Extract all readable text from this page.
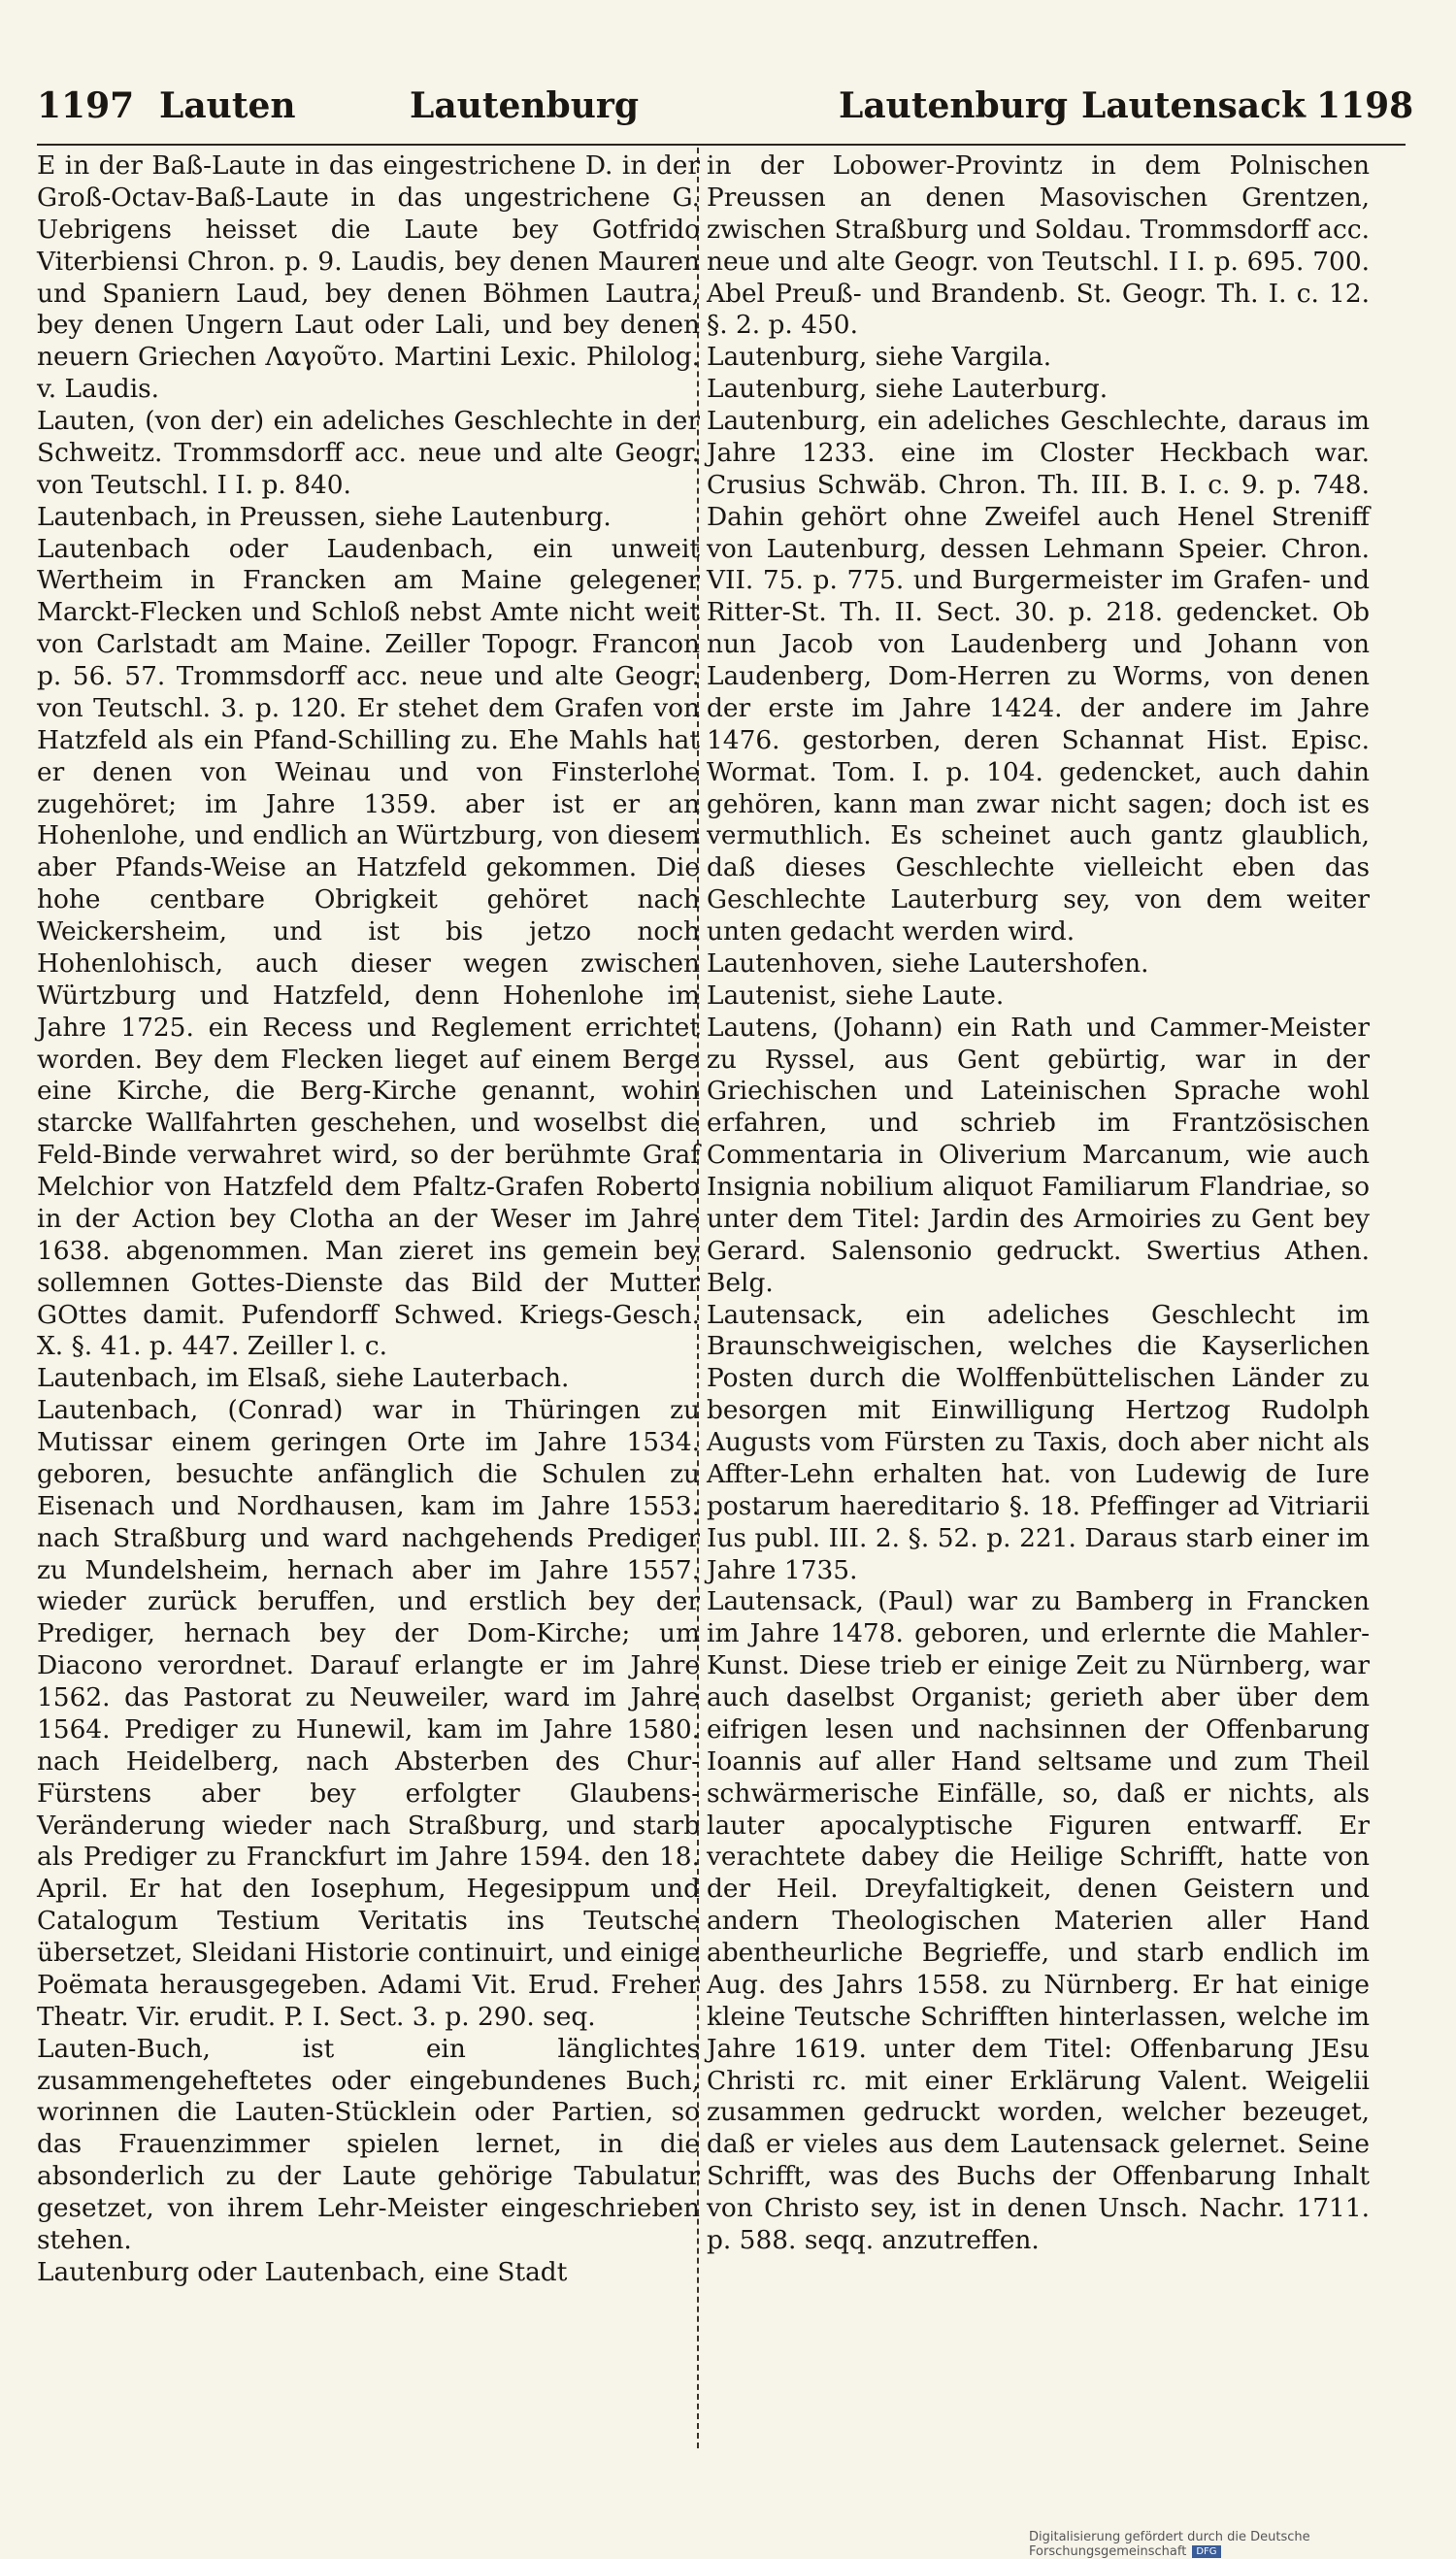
1197 Lauten	Lautenburg	Lautenburg Lautensack 1198

E in der Baß-Laute in das eingestrichene D. in der Groß-Octav-Baß-Laute in das ungestrichene G. Uebrigens heisset die Laute bey Gotfrido Viterbiensi Chron. p. 9. Laudis, bey denen Mauren und Spaniern Laud, bey denen Böhmen Lautra, bey denen Ungern Laut oder Lali, und bey denen neuern Griechen Λαγοῦτο. Martini Lexic. Philolog. v. Laudis.

Lauten, (von der) ein adeliches Geschlechte in der Schweitz. Trommsdorff acc. neue und alte Geogr. von Teutschl. I I. p. 840.

Lautenbach, in Preussen, siehe Lautenburg.

Lautenbach oder Laudenbach, ein unweit Wertheim in Francken am Maine gelegener Marckt-Flecken und Schloß nebst Amte nicht weit von Carlstadt am Maine. Zeiller Topogr. Francon p. 56. 57. Trommsdorff acc. neue und alte Geogr. von Teutschl. 3. p. 120. Er stehet dem Grafen von Hatzfeld als ein Pfand-Schilling zu. Ehe Mahls hat er denen von Weinau und von Finsterlohe zugehöret; im Jahre 1359. aber ist er an Hohenlohe, und endlich an Würtzburg, von diesem aber Pfands-Weise an Hatzfeld gekommen. Die hohe centbare Obrigkeit gehöret nach Weickersheim, und ist bis jetzo noch Hohenlohisch, auch dieser wegen zwischen Würtzburg und Hatzfeld, denn Hohenlohe im Jahre 1725. ein Recess und Reglement errichtet worden. Bey dem Flecken lieget auf einem Berge eine Kirche, die Berg-Kirche genannt, wohin starcke Wallfahrten geschehen, und woselbst die Feld-Binde verwahret wird, so der berühmte Graf Melchior von Hatzfeld dem Pfaltz-Grafen Roberto in der Action bey Clotha an der Weser im Jahre 1638. abgenommen. Man zieret ins gemein bey sollemnen Gottes-Dienste das Bild der Mutter GOttes damit. Pufendorff Schwed. Kriegs-Gesch. X. §. 41. p. 447. Zeiller l. c.

Lautenbach, im Elsaß, siehe Lauterbach.

Lautenbach, (Conrad) war in Thüringen zu Mutissar einem geringen Orte im Jahre 1534. geboren, besuchte anfänglich die Schulen zu Eisenach und Nordhausen, kam im Jahre 1553. nach Straßburg und ward nachgehends Prediger zu Mundelsheim, hernach aber im Jahre 1557. wieder zurück beruffen, und erstlich bey der Prediger, hernach bey der Dom-Kirche; um Diacono verordnet. Darauf erlangte er im Jahre 1562. das Pastorat zu Neuweiler, ward im Jahre 1564. Prediger zu Hunewil, kam im Jahre 1580. nach Heidelberg, nach Absterben des Chur-Fürstens aber bey erfolgter Glaubens-Veränderung wieder nach Straßburg, und starb als Prediger zu Franckfurt im Jahre 1594. den 18. April. Er hat den Iosephum, Hegesippum und Catalogum Testium Veritatis ins Teutsche übersetzet, Sleidani Historie continuirt, und einige Poëmata herausgegeben. Adami Vit. Erud. Freher Theatr. Vir. erudit. P. I. Sect. 3. p. 290. seq.

Lauten-Buch, ist ein länglichtes zusammengeheftetes oder eingebundenes Buch, worinnen die Lauten-Stücklein oder Partien, so das Frauenzimmer spielen lernet, in die absonderlich zu der Laute gehörige Tabulatur gesetzet, von ihrem Lehr-Meister eingeschrieben stehen.

Lautenburg oder Lautenbach, eine Stadt

in der Lobower-Provintz in dem Polnischen Preussen an denen Masovischen Grentzen, zwischen Straßburg und Soldau. Trommsdorff acc. neue und alte Geogr. von Teutschl. I I. p. 695. 700. Abel Preuß- und Brandenb. St. Geogr. Th. I. c. 12. §. 2. p. 450.

Lautenburg, siehe Vargila.

Lautenburg, siehe Lauterburg.

Lautenburg, ein adeliches Geschlechte, daraus im Jahre 1233. eine im Closter Heckbach war. Crusius Schwäb. Chron. Th. III. B. I. c. 9. p. 748. Dahin gehört ohne Zweifel auch Henel Streniff von Lautenburg, dessen Lehmann Speier. Chron. VII. 75. p. 775. und Burgermeister im Grafen- und Ritter-St. Th. II. Sect. 30. p. 218. gedencket. Ob nun Jacob von Laudenberg und Johann von Laudenberg, Dom-Herren zu Worms, von denen der erste im Jahre 1424. der andere im Jahre 1476. gestorben, deren Schannat Hist. Episc. Wormat. Tom. I. p. 104. gedencket, auch dahin gehören, kann man zwar nicht sagen; doch ist es vermuthlich. Es scheinet auch gantz glaublich, daß dieses Geschlechte vielleicht eben das Geschlechte Lauterburg sey, von dem weiter unten gedacht werden wird.

Lautenhoven, siehe Lautershofen.

Lautenist, siehe Laute.

Lautens, (Johann) ein Rath und Cammer-Meister zu Ryssel, aus Gent gebürtig, war in der Griechischen und Lateinischen Sprache wohl erfahren, und schrieb im Frantzösischen Commentaria in Oliverium Marcanum, wie auch Insignia nobilium aliquot Familiarum Flandriae, so unter dem Titel: Jardin des Armoiries zu Gent bey Gerard. Salensonio gedruckt. Swertius Athen. Belg.

Lautensack, ein adeliches Geschlecht im Braunschweigischen, welches die Kayserlichen Posten durch die Wolffenbüttelischen Länder zu besorgen mit Einwilligung Hertzog Rudolph Augusts vom Fürsten zu Taxis, doch aber nicht als Affter-Lehn erhalten hat. von Ludewig de Iure postarum haereditario §. 18. Pfeffinger ad Vitriarii Ius publ. III. 2. §. 52. p. 221. Daraus starb einer im Jahre 1735.

Lautensack, (Paul) war zu Bamberg in Francken im Jahre 1478. geboren, und erlernte die Mahler-Kunst. Diese trieb er einige Zeit zu Nürnberg, war auch daselbst Organist; gerieth aber über dem eifrigen lesen und nachsinnen der Offenbarung Ioannis auf aller Hand seltsame und zum Theil schwärmerische Einfälle, so, daß er nichts, als lauter apocalyptische Figuren entwarff. Er verachtete dabey die Heilige Schrifft, hatte von der Heil. Dreyfaltigkeit, denen Geistern und andern Theologischen Materien aller Hand abentheurliche Begrieffe, und starb endlich im Aug. des Jahrs 1558. zu Nürnberg. Er hat einige kleine Teutsche Schrifften hinterlassen, welche im Jahre 1619. unter dem Titel: Offenbarung JEsu Christi rc. mit einer Erklärung Valent. Weigelii zusammen gedruckt worden, welcher bezeuget, daß er vieles aus dem Lautensack gelernet. Seine Schrifft, was des Buchs der Offenbarung Inhalt von Christo sey, ist in denen Unsch. Nachr. 1711. p. 588. seqq. anzutreffen.

Digitalisierung gefördert durch die Deutsche Forschungsgemeinschaft DFG
